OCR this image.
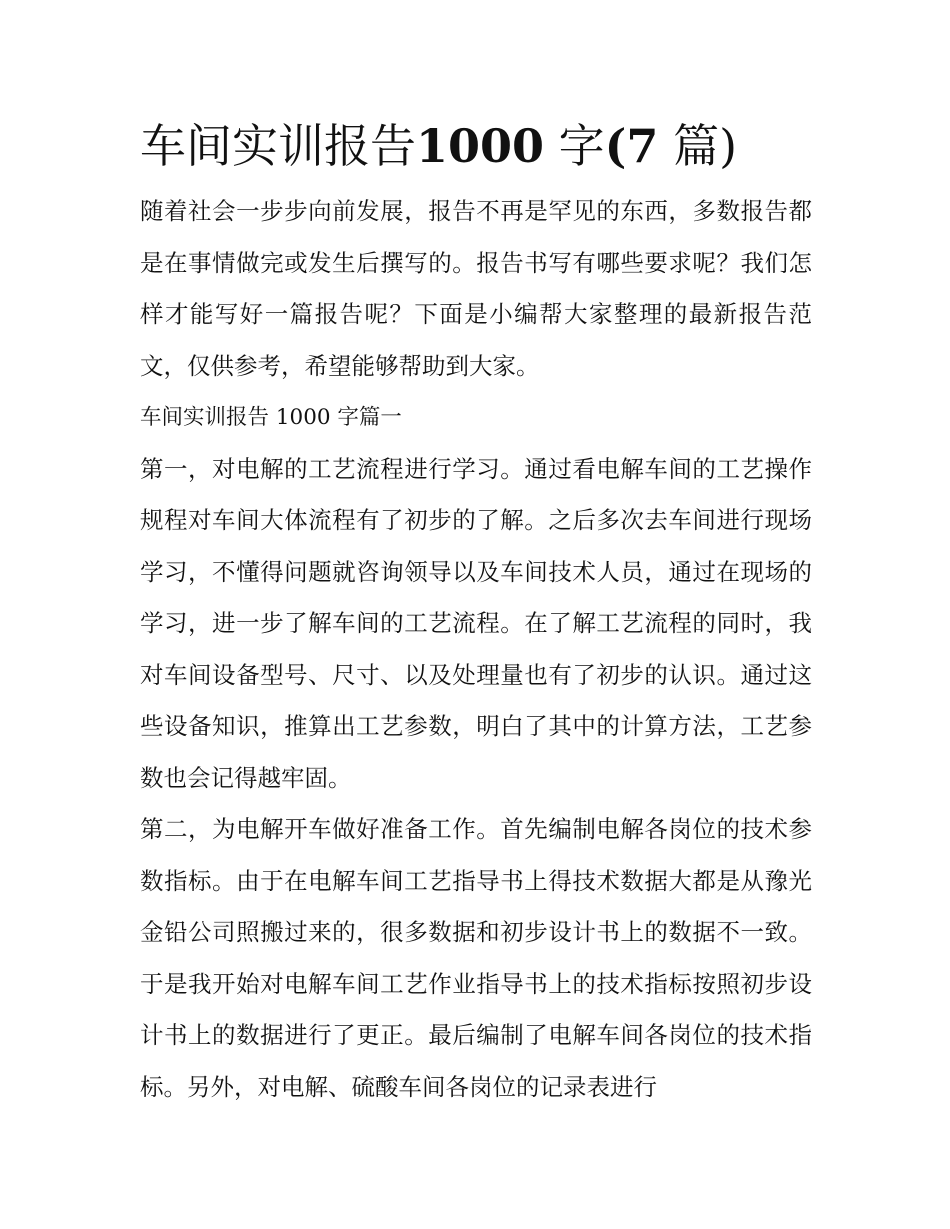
车间实训报告1000 字(7 篇)

随着社会一步步向前发展，报告不再是罕见的东西，多数报告都是在事情做完或发生后撰写的。报告书写有哪些要求呢？我们怎样才能写好一篇报告呢？下面是小编帮大家整理的最新报告范文，仅供参考，希望能够帮助到大家。

车间实训报告 1000 字篇一

第一，对电解的工艺流程进行学习。通过看电解车间的工艺操作规程对车间大体流程有了初步的了解。之后多次去车间进行现场学习，不懂得问题就咨询领导以及车间技术人员，通过在现场的学习，进一步了解车间的工艺流程。在了解工艺流程的同时，我对车间设备型号、尺寸、以及处理量也有了初步的认识。通过这些设备知识，推算出工艺参数，明白了其中的计算方法，工艺参数也会记得越牢固。

第二，为电解开车做好准备工作。首先编制电解各岗位的技术参数指标。由于在电解车间工艺指导书上得技术数据大都是从豫光金铅公司照搬过来的，很多数据和初步设计书上的数据不一致。于是我开始对电解车间工艺作业指导书上的技术指标按照初步设计书上的数据进行了更正。最后编制了电解车间各岗位的技术指标。另外，对电解、硫酸车间各岗位的记录表进行
